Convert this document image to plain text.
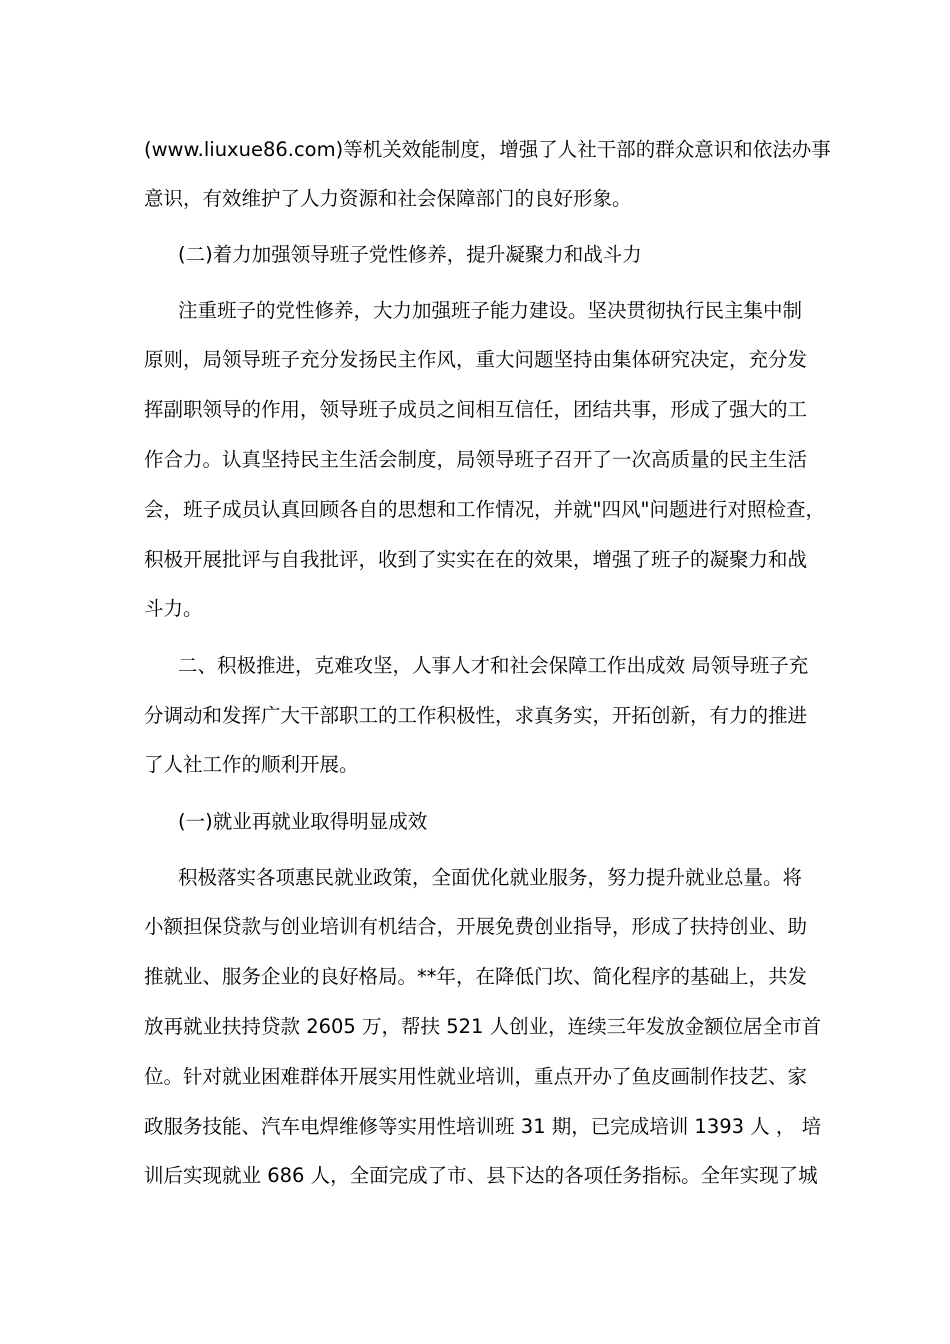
(www.liuxue86.com)等机关效能制度，增强了人社干部的群众意识和依法办事
意识，有效维护了人力资源和社会保障部门的良好形象。
(二)着力加强领导班子党性修养，提升凝聚力和战斗力
注重班子的党性修养，大力加强班子能力建设。坚决贯彻执行民主集中制
原则，局领导班子充分发扬民主作风，重大问题坚持由集体研究决定，充分发
挥副职领导的作用，领导班子成员之间相互信任，团结共事，形成了强大的工
作合力。认真坚持民主生活会制度，局领导班子召开了一次高质量的民主生活
会，班子成员认真回顾各自的思想和工作情况，并就"四风"问题进行对照检查，
积极开展批评与自我批评，收到了实实在在的效果，增强了班子的凝聚力和战
斗力。
二、积极推进，克难攻坚，人事人才和社会保障工作出成效 局领导班子充
分调动和发挥广大干部职工的工作积极性，求真务实，开拓创新，有力的推进
了人社工作的顺利开展。
(一)就业再就业取得明显成效
积极落实各项惠民就业政策，全面优化就业服务，努力提升就业总量。将
小额担保贷款与创业培训有机结合，开展免费创业指导，形成了扶持创业、助
推就业、服务企业的良好格局。**年，在降低门坎、简化程序的基础上，共发
放再就业扶持贷款 2605 万，帮扶 521 人创业，连续三年发放金额位居全市首
位。针对就业困难群体开展实用性就业培训，重点开办了鱼皮画制作技艺、家
政服务技能、汽车电焊维修等实用性培训班 31 期，已完成培训 1393 人 ， 培
训后实现就业 686 人，全面完成了市、县下达的各项任务指标。全年实现了城
